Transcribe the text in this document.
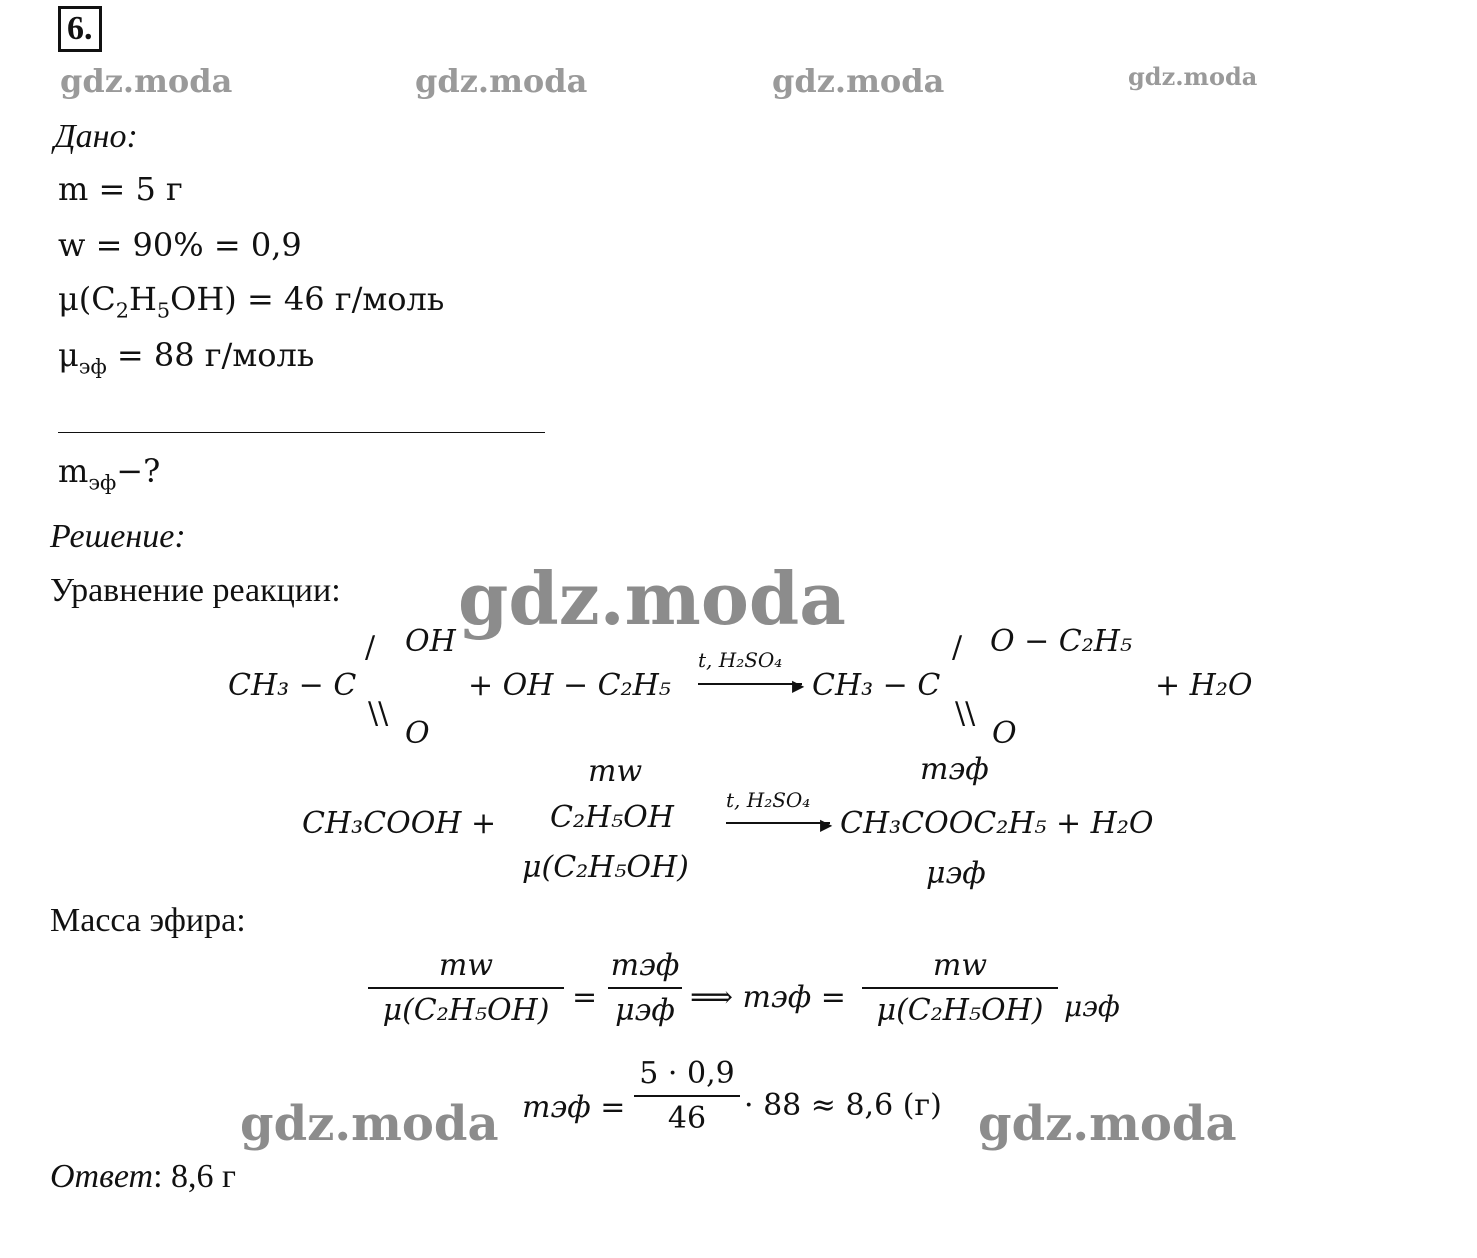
6.
gdz.moda	gdz.moda	gdz.moda	gdz.moda
Дано:
m = 5 г
w = 90% = 0,9
$\mu(C_2H_5OH) = 46$ г/моль
$\mu_{эф} = 88$ г/моль
$m_{эф}-$?
Решение:
Уравнение реакции: gdz.moda
CH₃ − C
/ OH
\\
O
+ OH − C₂H₅
t, H₂SO₄
▶ CH₃ − C
/ O − C₂H₅
\\
O
+ H₂O
mw	mэф
CH₃COOH + C₂H₅OH	t, H₂SO₄
▶ CH₃COOC₂H₅ + H₂O
μ(C₂H₅OH)	μэф
Масса эфира:
mw
μ(C₂H₅OH) =
mэф
μэф ⟹ mэф =
mw
μ(C₂H₅OH) μэф
mэф =
5 · 0,9
46	· 88 ≈ 8,6 (г)
gdz.moda	gdz.moda
Ответ: 8,6 г
